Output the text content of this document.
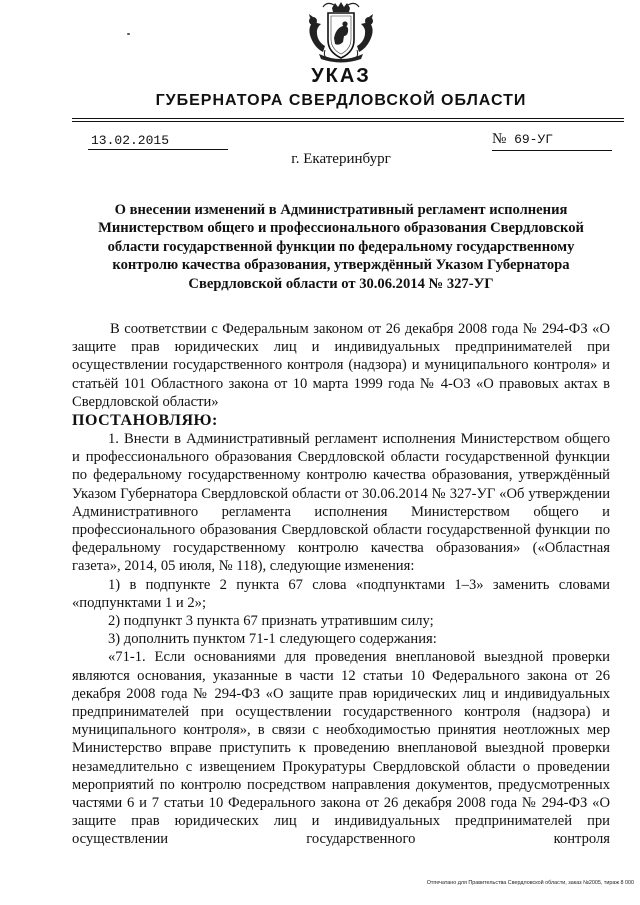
УКАЗ
ГУБЕРНАТОРА СВЕРДЛОВСКОЙ ОБЛАСТИ
13.02.2015	№ 69-УГ
г. Екатеринбург
О внесении изменений в Административный регламент исполнения Министерством общего и профессионального образования Свердловской области государственной функции по федеральному государственному контролю качества образования, утверждённый Указом Губернатора Свердловской области от 30.06.2014 № 327-УГ

В соответствии с Федеральным законом от 26 декабря 2008 года № 294-ФЗ «О защите прав юридических лиц и индивидуальных предпринимателей при осуществлении государственного контроля (надзора) и муниципального контроля» и статьёй 101 Областного закона от 10 марта 1999 года № 4-ОЗ «О правовых актах в Свердловской области»

ПОСТАНОВЛЯЮ:

1. Внести в Административный регламент исполнения Министерством общего и профессионального образования Свердловской области государственной функции по федеральному государственному контролю качества образования, утверждённый Указом Губернатора Свердловской области от 30.06.2014 № 327-УГ «Об утверждении Административного регламента исполнения Министерством общего и профессионального образования Свердловской области государственной функции по федеральному государственному контролю качества образования» («Областная газета», 2014, 05 июля, № 118), следующие изменения:

1) в подпункте 2 пункта 67 слова «подпунктами 1–3» заменить словами «подпунктами 1 и 2»;

2) подпункт 3 пункта 67 признать утратившим силу;

3) дополнить пунктом 71-1 следующего содержания:

«71-1. Если основаниями для проведения внеплановой выездной проверки являются основания, указанные в части 12 статьи 10 Федерального закона от 26 декабря 2008 года № 294-ФЗ «О защите прав юридических лиц и индивидуальных предпринимателей при осуществлении государственного контроля (надзора) и муниципального контроля», в связи с необходимостью принятия неотложных мер Министерство вправе приступить к проведению внеплановой выездной проверки незамедлительно с извещением Прокуратуры Свердловской области о проведении мероприятий по контролю посредством направления документов, предусмотренных частями 6 и 7 статьи 10 Федерального закона от 26 декабря 2008 года № 294-ФЗ «О защите прав юридических лиц и индивидуальных предпринимателей при осуществлении государственного контроля

Отпечатано для Правительства Свердловской области, заказ №2005, тираж 8 000
